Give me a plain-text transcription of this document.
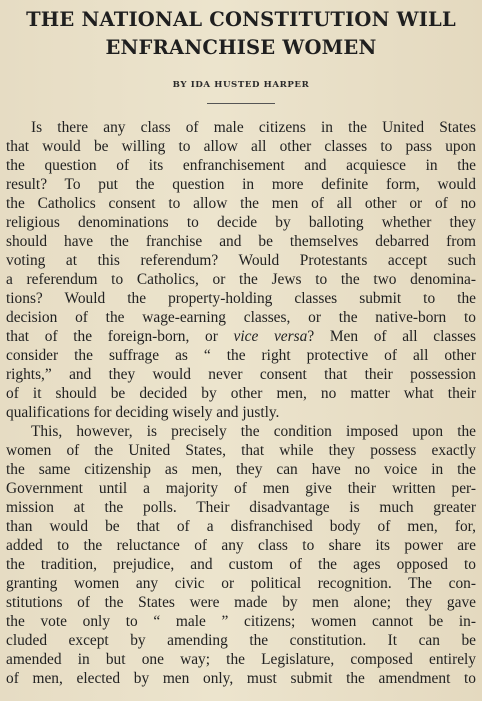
THE NATIONAL CONSTITUTION WILL
ENFRANCHISE WOMEN
BY IDA HUSTED HARPER
Is there any class of male citizens in the United States
that would be willing to allow all other classes to pass upon
the question of its enfranchisement and acquiesce in the
result? To put the question in more definite form, would
the Catholics consent to allow the men of all other or of no
religious denominations to decide by balloting whether they
should have the franchise and be themselves debarred from
voting at this referendum? Would Protestants accept such
a referendum to Catholics, or the Jews to the two denomina-
tions? Would the property-holding classes submit to the
decision of the wage-earning classes, or the native-born to
that of the foreign-born, or vice versa? Men of all classes
consider the suffrage as “ the right protective of all other
rights,” and they would never consent that their possession
of it should be decided by other men, no matter what their
qualifications for deciding wisely and justly.
This, however, is precisely the condition imposed upon the
women of the United States, that while they possess exactly
the same citizenship as men, they can have no voice in the
Government until a majority of men give their written per-
mission at the polls. Their disadvantage is much greater
than would be that of a disfranchised body of men, for,
added to the reluctance of any class to share its power are
the tradition, prejudice, and custom of the ages opposed to
granting women any civic or political recognition. The con-
stitutions of the States were made by men alone; they gave
the vote only to “ male ” citizens; women cannot be in-
cluded except by amending the constitution. It can be
amended in but one way; the Legislature, composed entirely
of men, elected by men only, must submit the amendment to
